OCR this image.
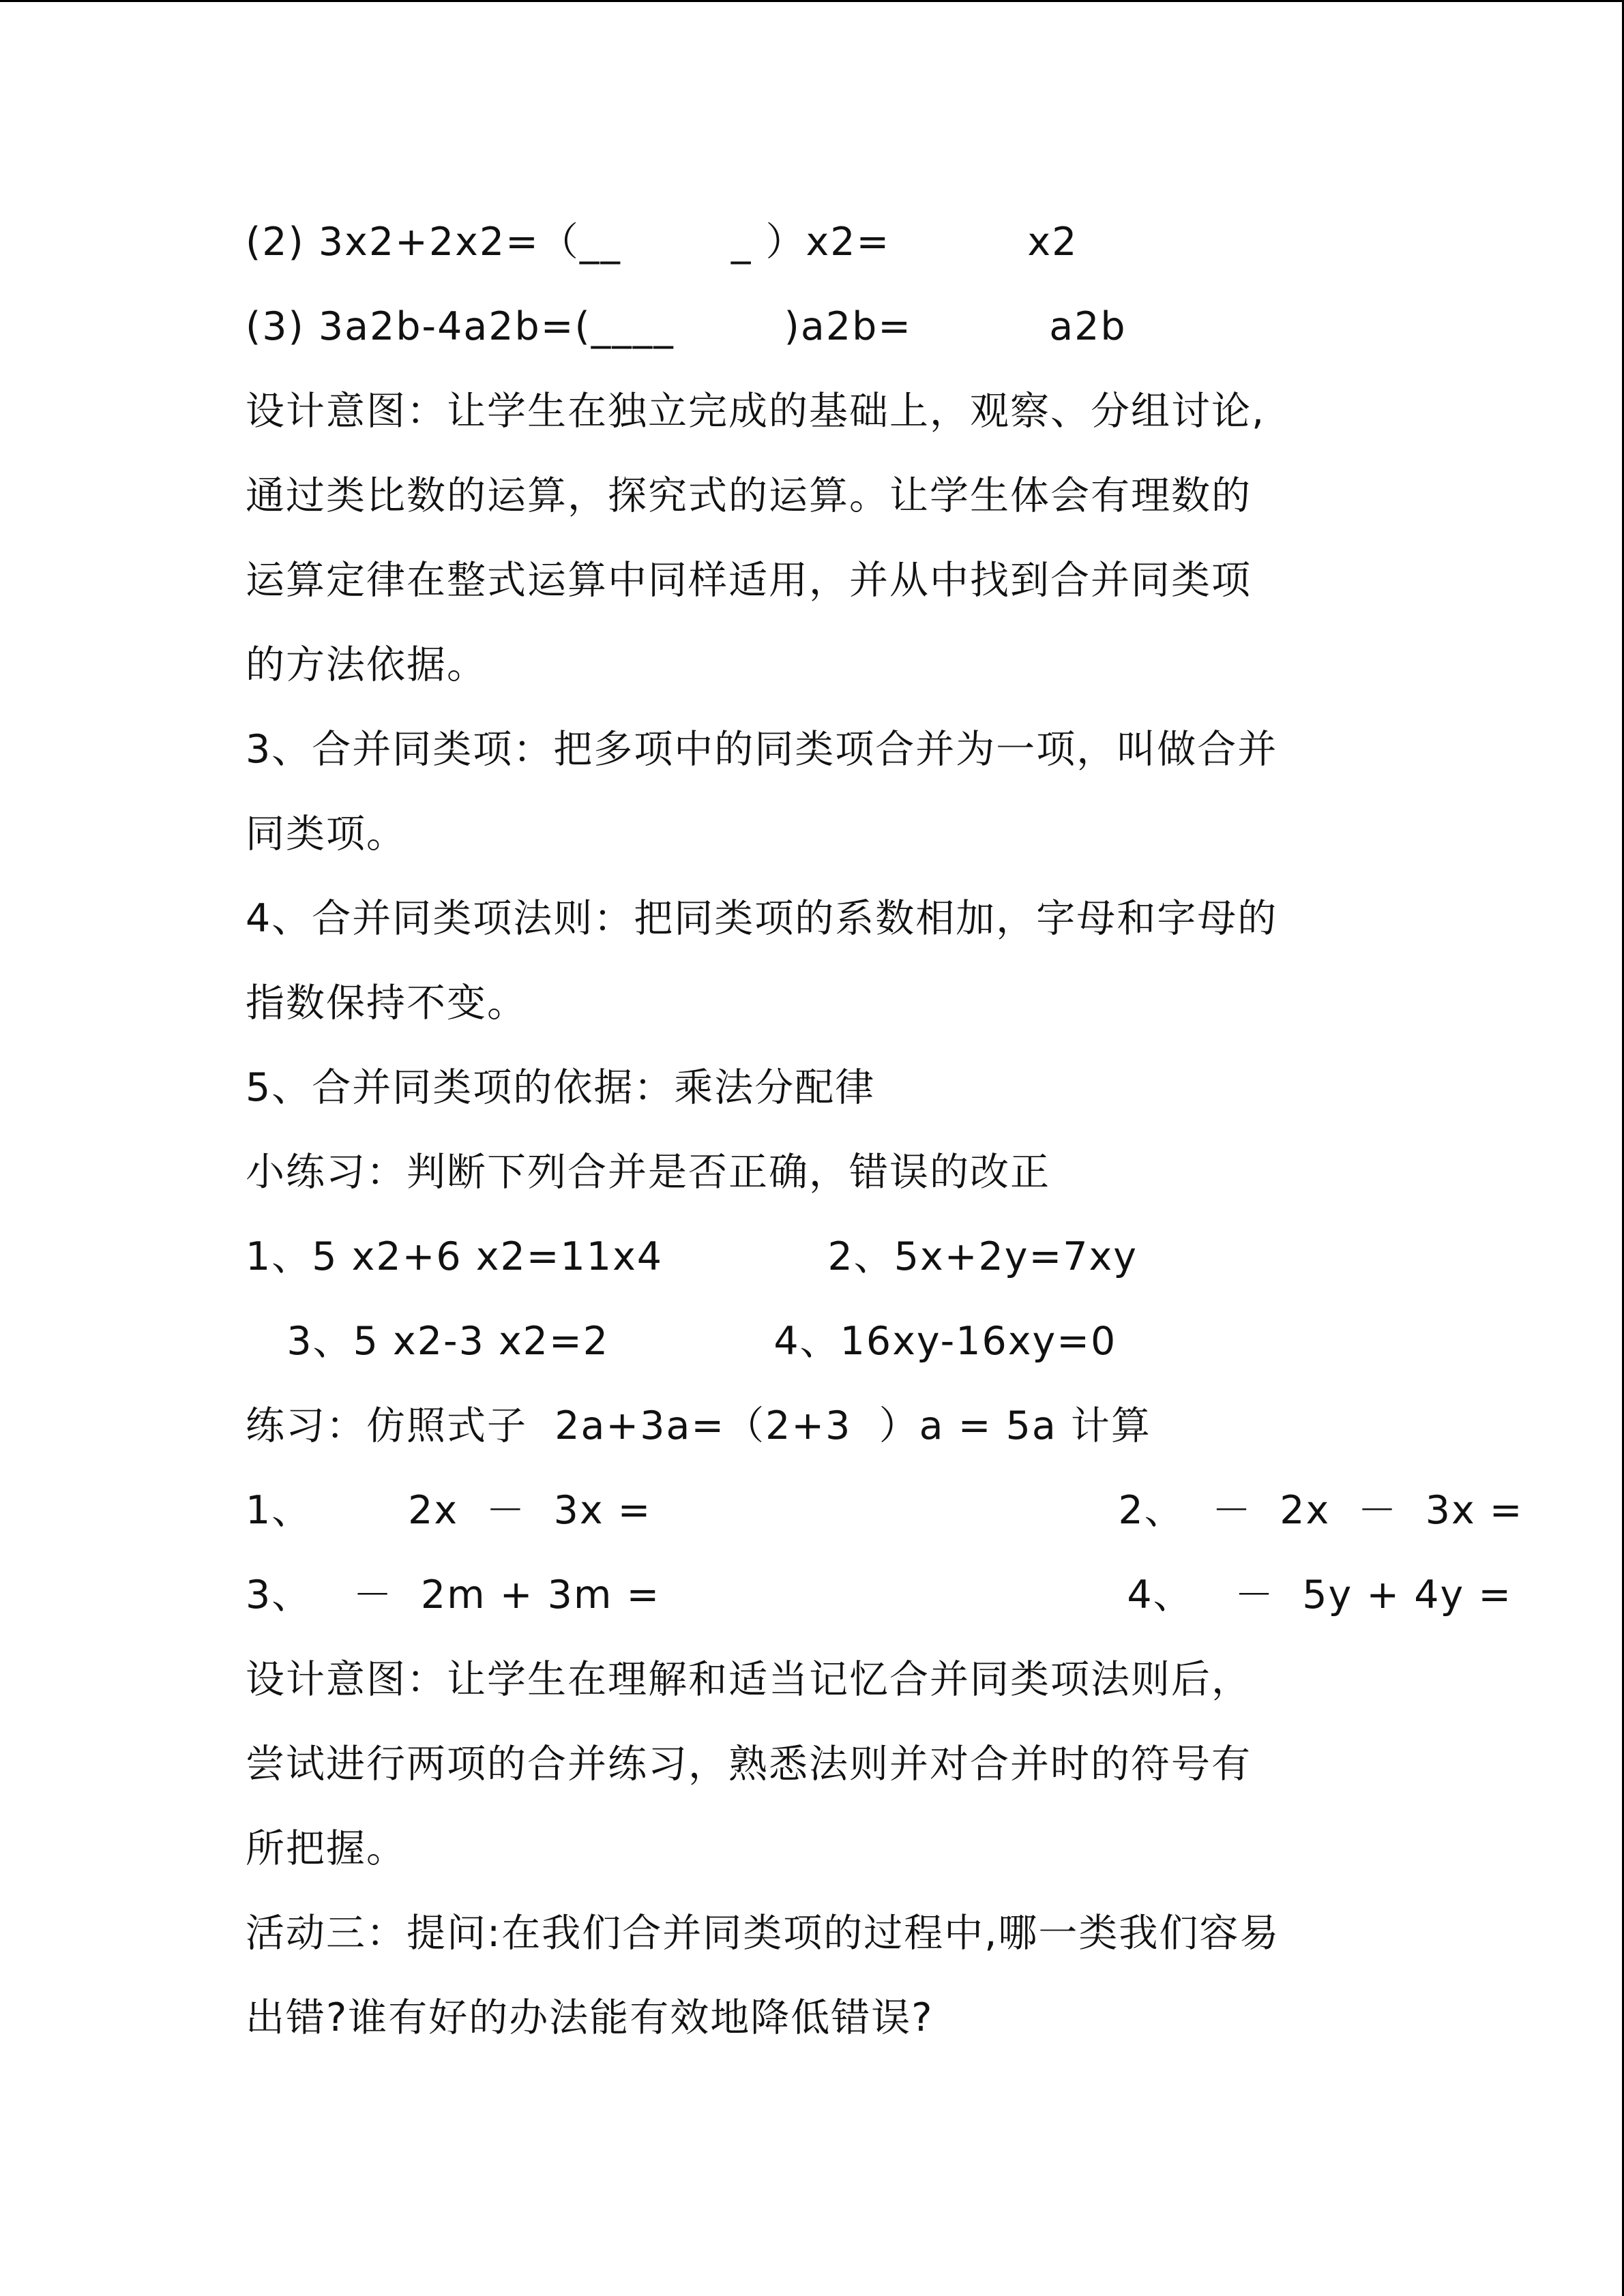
(2) 3x2+2x2=（__        _ ）x2=          x2

(3) 3a2b-4a2b=(____        )a2b=          a2b

设计意图：让学生在独立完成的基础上，观察、分组讨论,

通过类比数的运算，探究式的运算。让学生体会有理数的

运算定律在整式运算中同样适用，并从中找到合并同类项

的方法依据。

3、合并同类项：把多项中的同类项合并为一项，叫做合并

同类项。

4、合并同类项法则：把同类项的系数相加，字母和字母的

指数保持不变。

5、合并同类项的依据：乘法分配律

小练习：判断下列合并是否正确，错误的改正

1、5 x2+6 x2=11x4            2、5x+2y=7xy

3、5 x2-3 x2=2            4、16xy-16xy=0

练习：仿照式子  2a+3a=（2+3  ）a = 5a 计算

1、       2x  －  3x =                                  2、  －  2x  －  3x =

3、   －  2m + 3m =                                  4、   －  5y + 4y =

设计意图：让学生在理解和适当记忆合并同类项法则后，

尝试进行两项的合并练习，熟悉法则并对合并时的符号有

所把握。

活动三：提问:在我们合并同类项的过程中,哪一类我们容易

出错?谁有好的办法能有效地降低错误?
